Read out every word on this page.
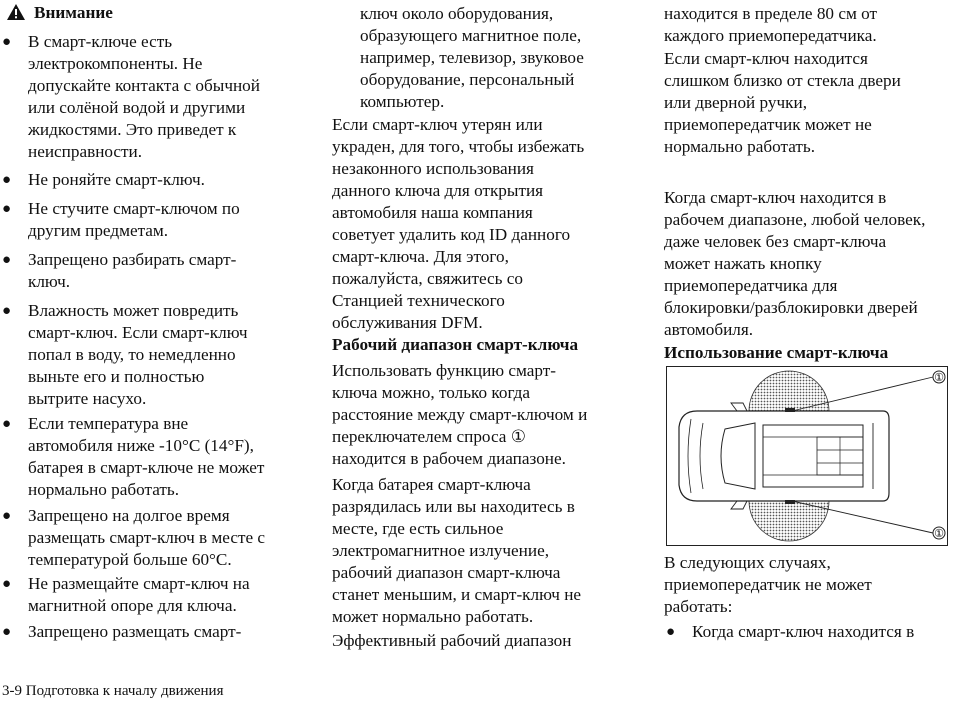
Внимание
● В смарт-ключе есть
электрокомпоненты. Не
допускайте контакта с обычной
или солёной водой и другими
жидкостями. Это приведет к
неисправности.
● Не роняйте смарт-ключ.
● Не стучите смарт-ключом по
другим предметам.
● Запрещено разбирать смарт-
ключ.
● Влажность может повредить
смарт-ключ. Если смарт-ключ
попал в воду, то немедленно
выньте его и полностью
вытрите насухо.
● Если температура вне
автомобиля ниже -10°C (14°F),
батарея в смарт-ключе не может
нормально работать.
● Запрещено на долгое время
размещать смарт-ключ в месте с
температурой больше 60°C.
● Не размещайте смарт-ключ на
магнитной опоре для ключа.
● Запрещено размещать смарт-
ключ около оборудования,
образующего магнитное поле,
например, телевизор, звуковое
оборудование, персональный
компьютер.
Если смарт-ключ утерян или
украден, для того, чтобы избежать
незаконного использования
данного ключа для открытия
автомобиля наша компания
советует удалить код ID данного
смарт-ключа. Для этого,
пожалуйста, свяжитесь со
Станцией технического
обслуживания DFM.
Рабочий диапазон смарт-ключа
Использовать функцию смарт-
ключа можно, только когда
расстояние между смарт-ключом и
переключателем спроса ①
находится в рабочем диапазоне.
Когда батарея смарт-ключа
разрядилась или вы находитесь в
месте, где есть сильное
электромагнитное излучение,
рабочий диапазон смарт-ключа
станет меньшим, и смарт-ключ не
может нормально работать.
Эффективный рабочий диапазон
находится в пределе 80 см от
каждого приемопередатчика.
Если смарт-ключ находится
слишком близко от стекла двери
или дверной ручки,
приемопередатчик может не
нормально работать.
Когда смарт-ключ находится в
рабочем диапазоне, любой человек,
даже человек без смарт-ключа
может нажать кнопку
приемопередатчика для
блокировки/разблокировки дверей
автомобиля.
Использование смарт-ключа
В следующих случаях,
приемопередатчик не может
работать:
● Когда смарт-ключ находится в
①
①
3-9 Подготовка к началу движения
